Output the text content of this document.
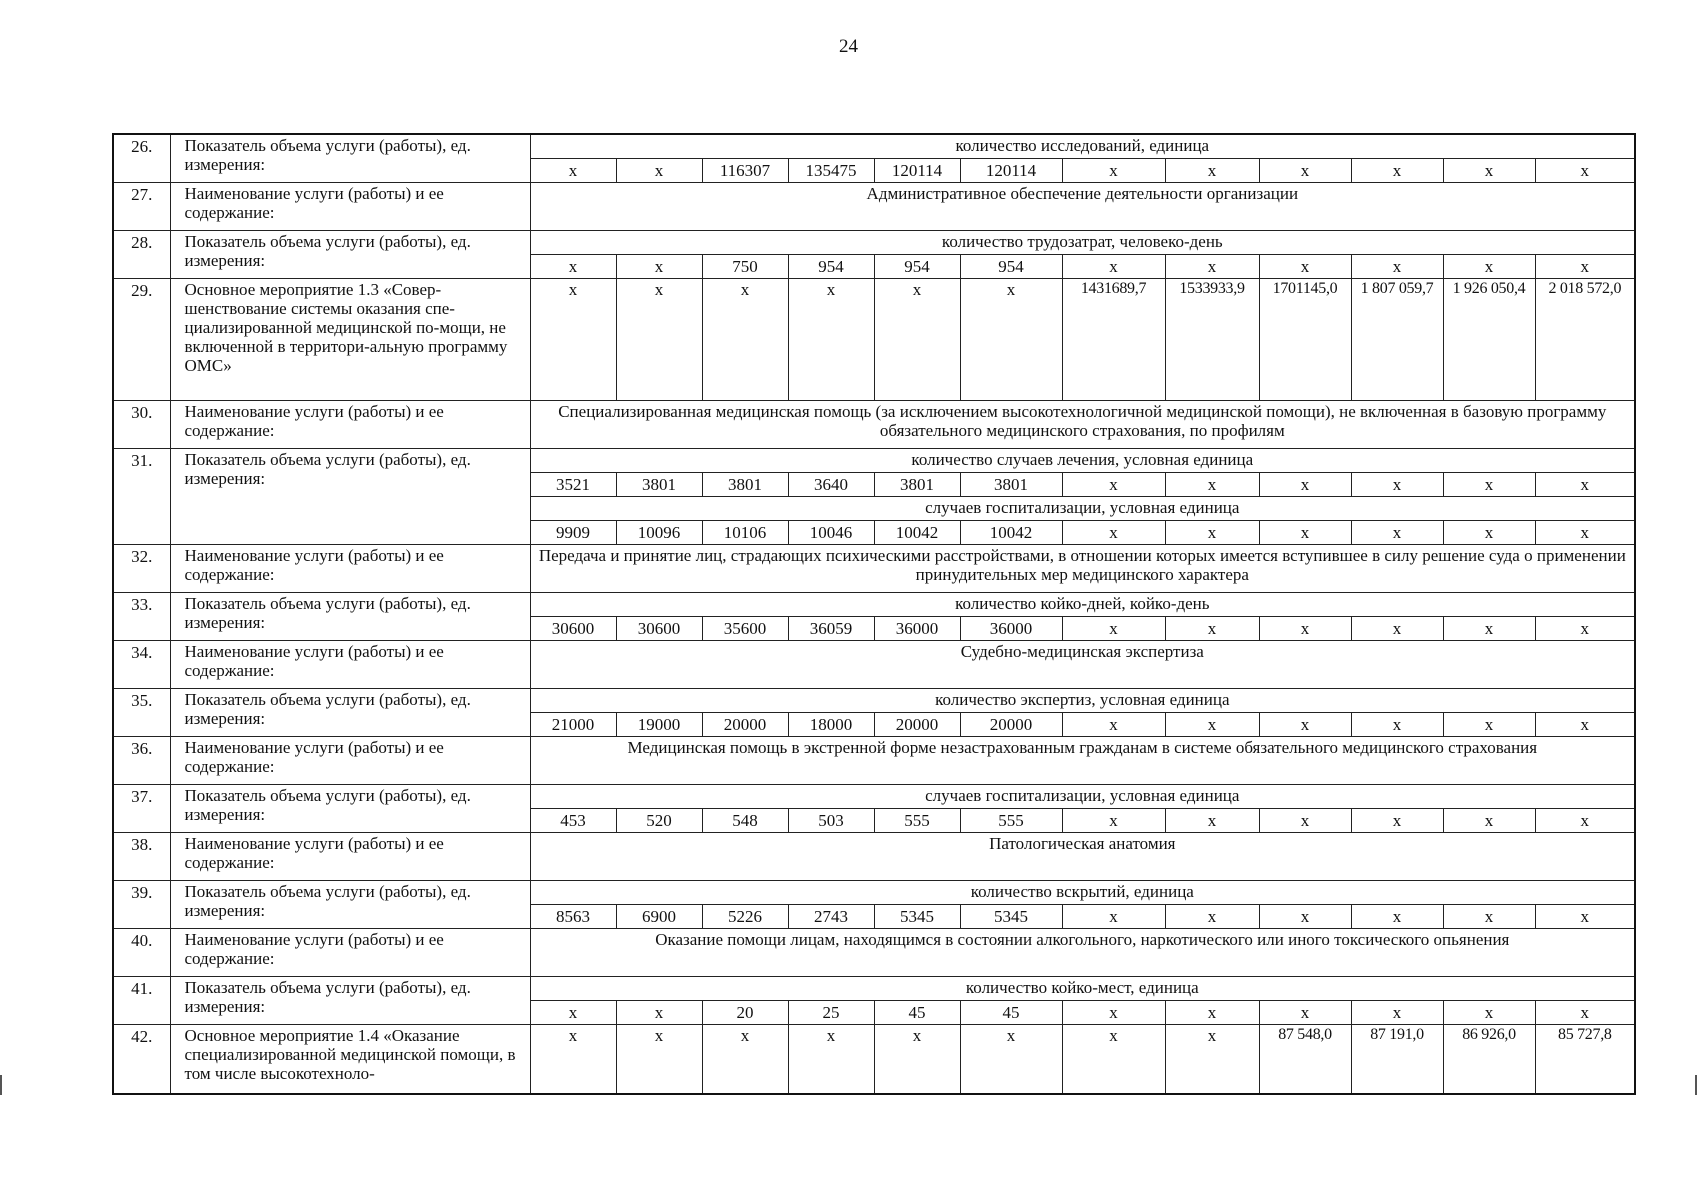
24
26.	Показатель объема услуги (работы), ед. измерения:	количество исследований, единица											
		x	x	116307	135475	120114	120114	x	x	x	x	x	x
27.	Наименование услуги (работы) и ее содержание:	Административное обеспечение деятельности организации											
28.	Показатель объема услуги (работы), ед. измерения:	количество трудозатрат, человеко-день											
		x	x	750	954	954	954	x	x	x	x	x	x
29.	Основное мероприятие 1.3 «Совер-шенствование системы оказания спе-циализированной медицинской по-мощи, не включенной в территори-альную программу ОМС»	x	x	x	x	x	x	1431689,7	1533933,9	1701145,0	1 807 059,7	1 926 050,4	2 018 572,0
30.	Наименование услуги (работы) и ее содержание:	Специализированная медицинская помощь (за исключением высокотехнологичной медицинской помощи), не включенная в базовую программу обязательного медицинского страхования, по профилям											
31.	Показатель объема услуги (работы), ед. измерения:	количество случаев лечения, условная единица											
		3521	3801	3801	3640	3801	3801	x	x	x	x	x	x
		случаев госпитализации, условная единица											
		9909	10096	10106	10046	10042	10042	x	x	x	x	x	x
32.	Наименование услуги (работы) и ее содержание:	Передача и принятие лиц, страдающих психическими расстройствами, в отношении которых имеется вступившее в силу решение суда о применении принудительных мер медицинского характера											
33.	Показатель объема услуги (работы), ед. измерения:	количество койко-дней, койко-день											
		30600	30600	35600	36059	36000	36000	x	x	x	x	x	x
34.	Наименование услуги (работы) и ее содержание:	Судебно-медицинская экспертиза											
35.	Показатель объема услуги (работы), ед. измерения:	количество экспертиз, условная единица											
		21000	19000	20000	18000	20000	20000	x	x	x	x	x	x
36.	Наименование услуги (работы) и ее содержание:	Медицинская помощь в экстренной форме незастрахованным гражданам в системе обязательного медицинского страхования											
37.	Показатель объема услуги (работы), ед. измерения:	случаев госпитализации, условная единица											
		453	520	548	503	555	555	x	x	x	x	x	x
38.	Наименование услуги (работы) и ее содержание:	Патологическая анатомия											
39.	Показатель объема услуги (работы), ед. измерения:	количество вскрытий, единица											
		8563	6900	5226	2743	5345	5345	x	x	x	x	x	x
40.	Наименование услуги (работы) и ее содержание:	Оказание помощи лицам, находящимся в состоянии алкогольного, наркотического или иного токсического опьянения											
41.	Показатель объема услуги (работы), ед. измерения:	количество койко-мест, единица											
		x	x	20	25	45	45	x	x	x	x	x	x
42.	Основное мероприятие 1.4 «Оказание специализированной медицинской помощи, в том числе высокотехноло-	x	x	x	x	x	x	x	x	87 548,0	87 191,0	86 926,0	85 727,8
